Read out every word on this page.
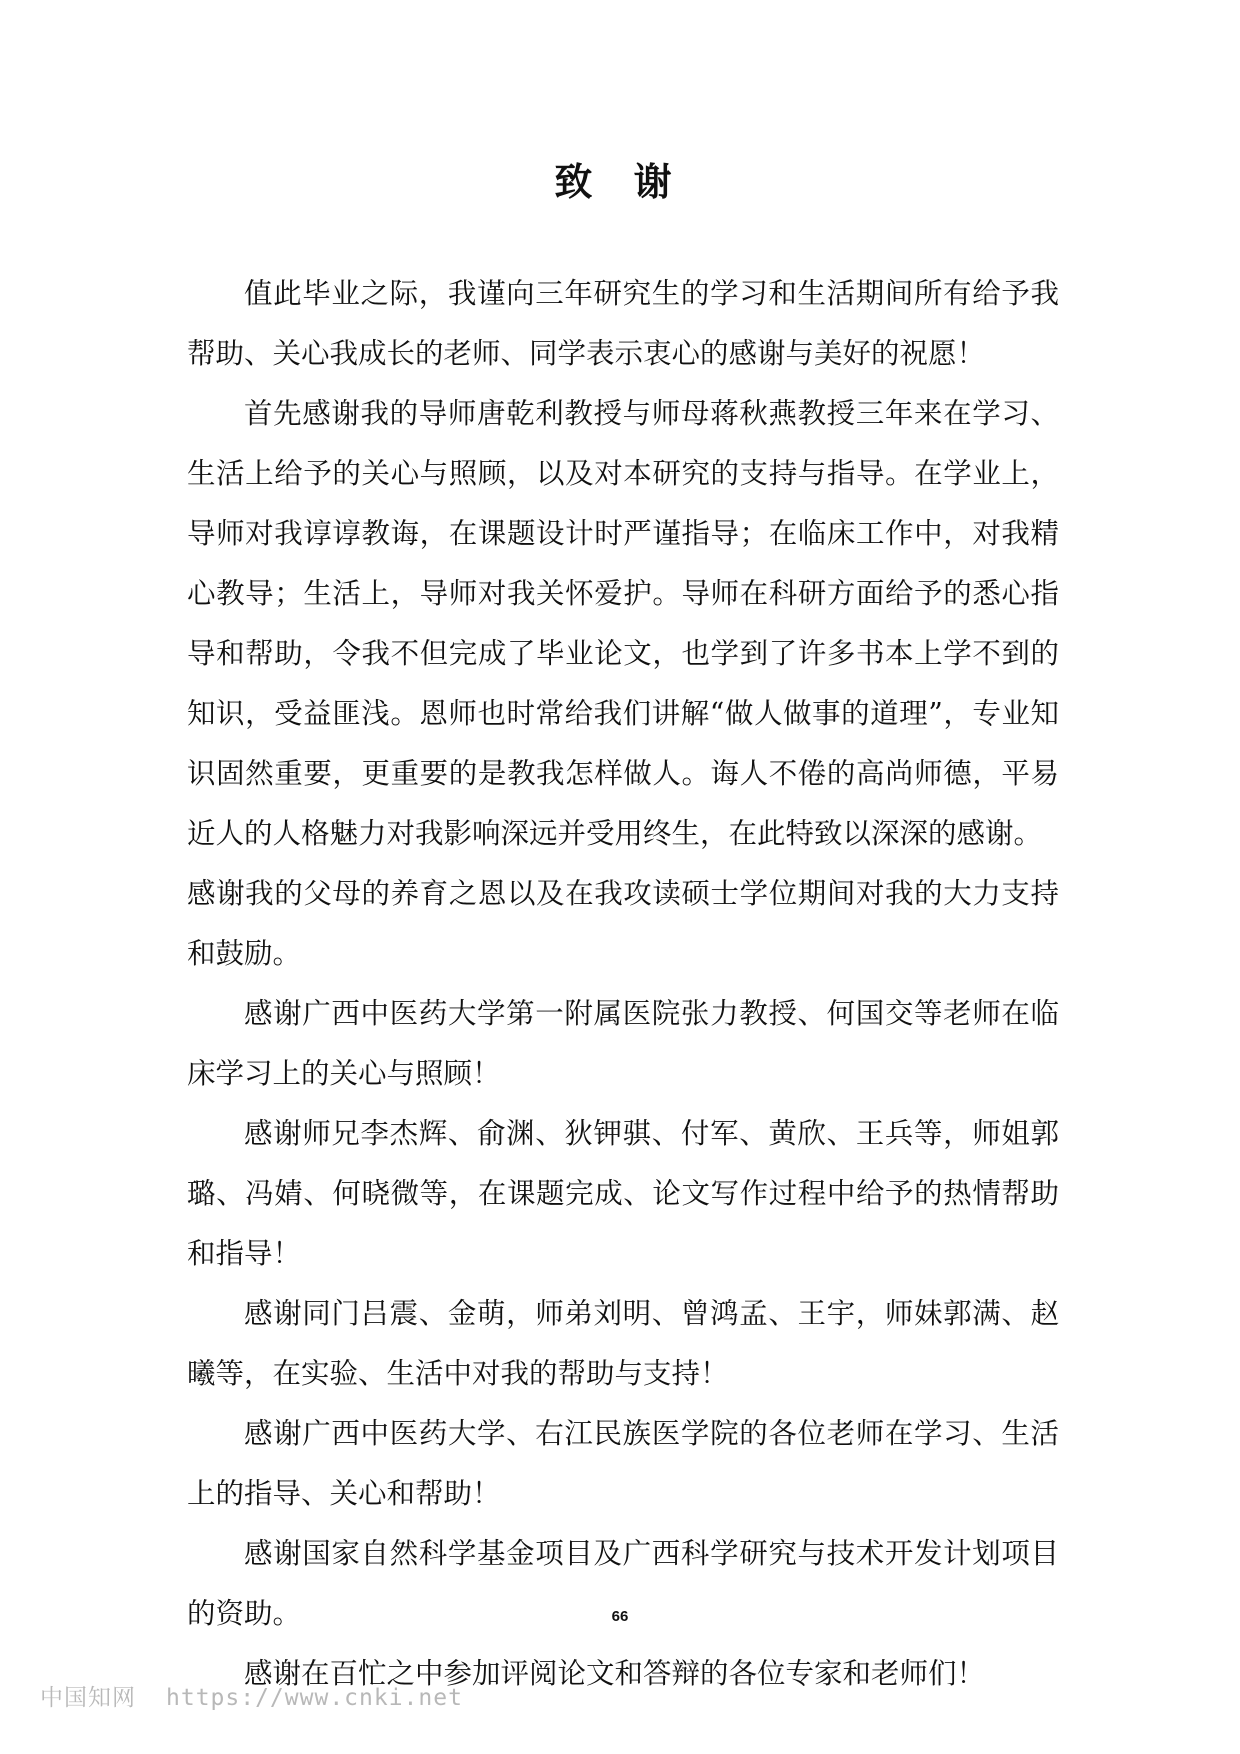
致 谢

值此毕业之际，我谨向三年研究生的学习和生活期间所有给予我帮助、关心我成长的老师、同学表示衷心的感谢与美好的祝愿！

首先感谢我的导师唐乾利教授与师母蒋秋燕教授三年来在学习、生活上给予的关心与照顾，以及对本研究的支持与指导。在学业上，导师对我谆谆教诲，在课题设计时严谨指导；在临床工作中，对我精心教导；生活上，导师对我关怀爱护。导师在科研方面给予的悉心指导和帮助，令我不但完成了毕业论文，也学到了许多书本上学不到的知识，受益匪浅。恩师也时常给我们讲解“做人做事的道理”，专业知识固然重要，更重要的是教我怎样做人。诲人不倦的高尚师德，平易近人的人格魅力对我影响深远并受用终生，在此特致以深深的感谢。

感谢我的父母的养育之恩以及在我攻读硕士学位期间对我的大力支持和鼓励。

感谢广西中医药大学第一附属医院张力教授、何国交等老师在临床学习上的关心与照顾！

感谢师兄李杰辉、俞渊、狄钾骐、付军、黄欣、王兵等，师姐郭璐、冯婧、何晓微等，在课题完成、论文写作过程中给予的热情帮助和指导！

感谢同门吕震、金萌，师弟刘明、曾鸿孟、王宇，师妹郭满、赵曦等，在实验、生活中对我的帮助与支持！

感谢广西中医药大学、右江民族医学院的各位老师在学习、生活上的指导、关心和帮助！

感谢国家自然科学基金项目及广西科学研究与技术开发计划项目的资助。

感谢在百忙之中参加评阅论文和答辩的各位专家和老师们！

66
中国知网 https://www.cnki.net
